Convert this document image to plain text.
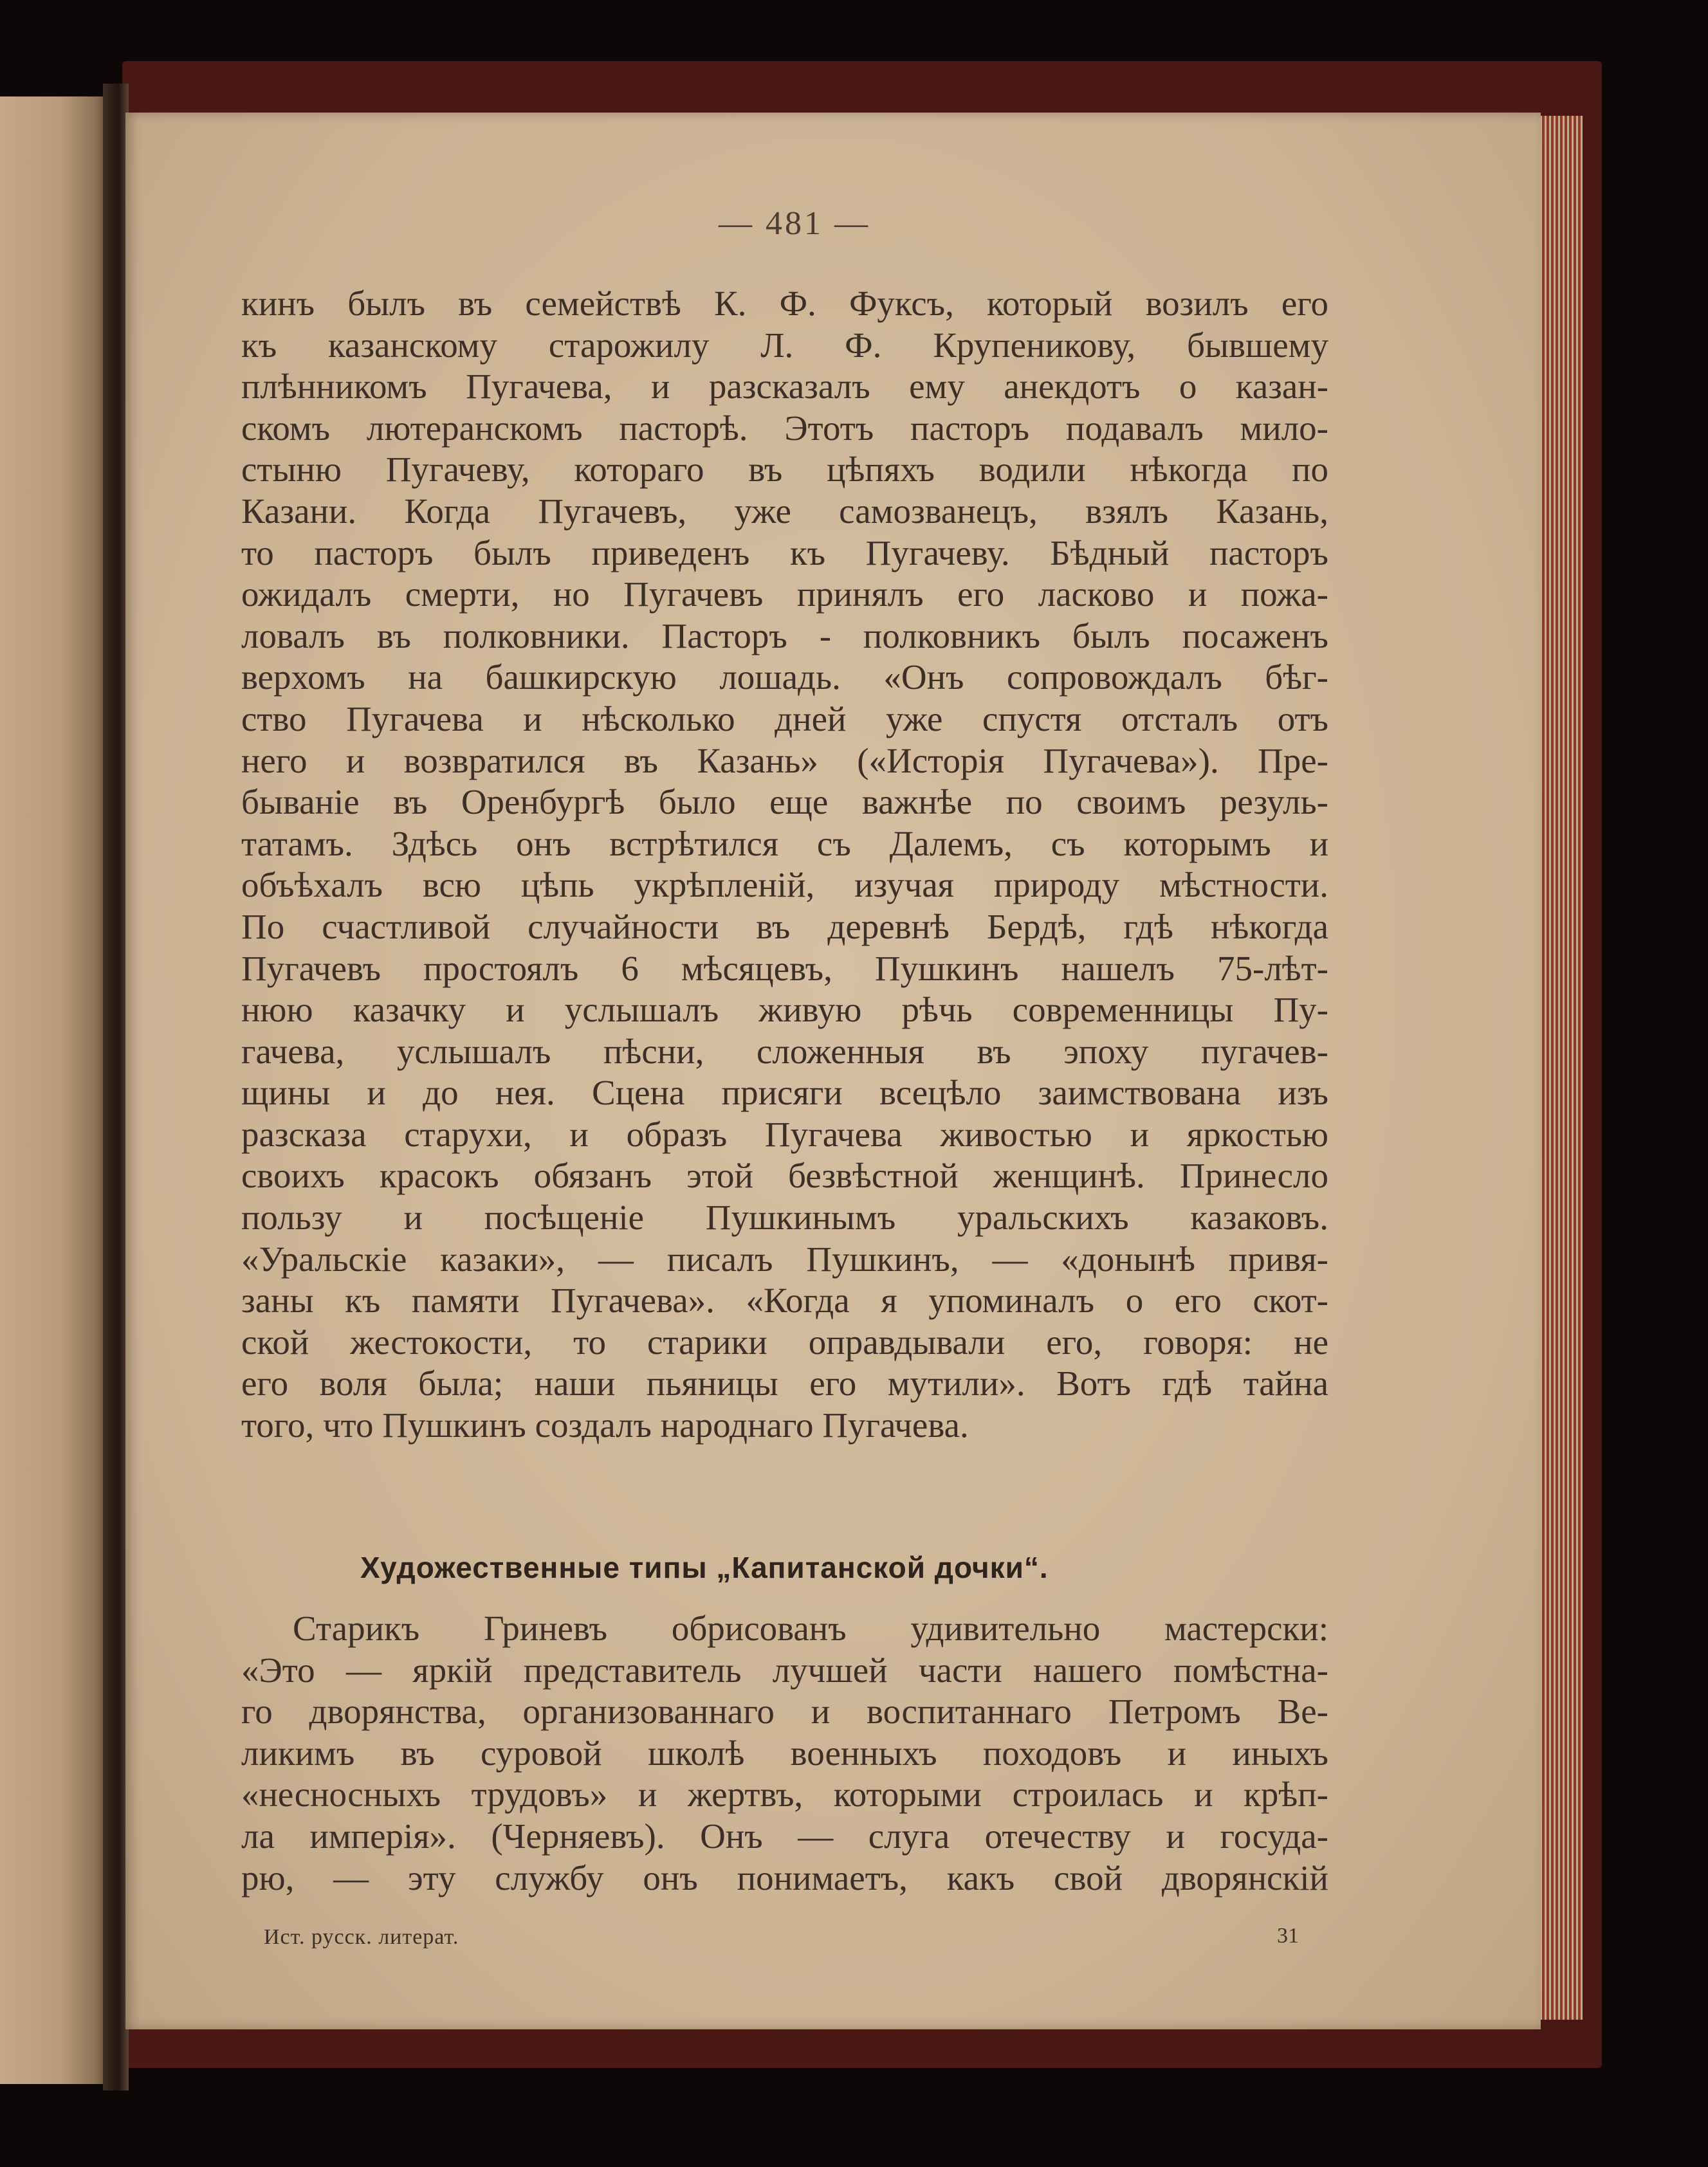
— 481 —
кинъ былъ въ семействѣ К. Ф. Фуксъ, который возилъ его
къ казанскому старожилу Л. Ф. Крупеникову, бывшему
плѣнникомъ Пугачева, и разсказалъ ему анекдотъ о казан-
скомъ лютеранскомъ пасторѣ. Этотъ пасторъ подавалъ мило-
стыню Пугачеву, котораго въ цѣпяхъ водили нѣкогда по
Казани. Когда Пугачевъ, уже самозванецъ, взялъ Казань,
то пасторъ былъ приведенъ къ Пугачеву. Бѣдный пасторъ
ожидалъ смерти, но Пугачевъ принялъ его ласково и пожа-
ловалъ въ полковники. Пасторъ - полковникъ былъ посаженъ
верхомъ на башкирскую лошадь. «Онъ сопровождалъ бѣг-
ство Пугачева и нѣсколько дней уже спустя отсталъ отъ
него и возвратился въ Казань» («Исторія Пугачева»). Пре-
бываніе въ Оренбургѣ было еще важнѣе по своимъ резуль-
татамъ. Здѣсь онъ встрѣтился съ Далемъ, съ которымъ и
объѣхалъ всю цѣпь укрѣпленій, изучая природу мѣстности.
По счастливой случайности въ деревнѣ Бердѣ, гдѣ нѣкогда
Пугачевъ простоялъ 6 мѣсяцевъ, Пушкинъ нашелъ 75-лѣт-
нюю казачку и услышалъ живую рѣчь современницы Пу-
гачева, услышалъ пѣсни, сложенныя въ эпоху пугачев-
щины и до нея. Сцена присяги всецѣло заимствована изъ
разсказа старухи, и образъ Пугачева живостью и яркостью
своихъ красокъ обязанъ этой безвѣстной женщинѣ. Принесло
пользу и посѣщеніе Пушкинымъ уральскихъ казаковъ.
«Уральскіе казаки», — писалъ Пушкинъ, — «донынѣ привя-
заны къ памяти Пугачева». «Когда я упоминалъ о его скот-
ской жестокости, то старики оправдывали его, говоря: не
его воля была; наши пьяницы его мутили». Вотъ гдѣ тайна
того, что Пушкинъ создалъ народнаго Пугачева.
Художественные типы „Капитанской дочки“.
Старикъ Гриневъ обрисованъ удивительно мастерски:
«Это — яркій представитель лучшей части нашего помѣстна-
го дворянства, организованнаго и воспитаннаго Петромъ Ве-
ликимъ въ суровой школѣ военныхъ походовъ и иныхъ
«несносныхъ трудовъ» и жертвъ, которыми строилась и крѣп-
ла имперія». (Черняевъ). Онъ — слуга отечеству и госуда-
рю, — эту службу онъ понимаетъ, какъ свой дворянскій
Ист. русск. литерат.	31
